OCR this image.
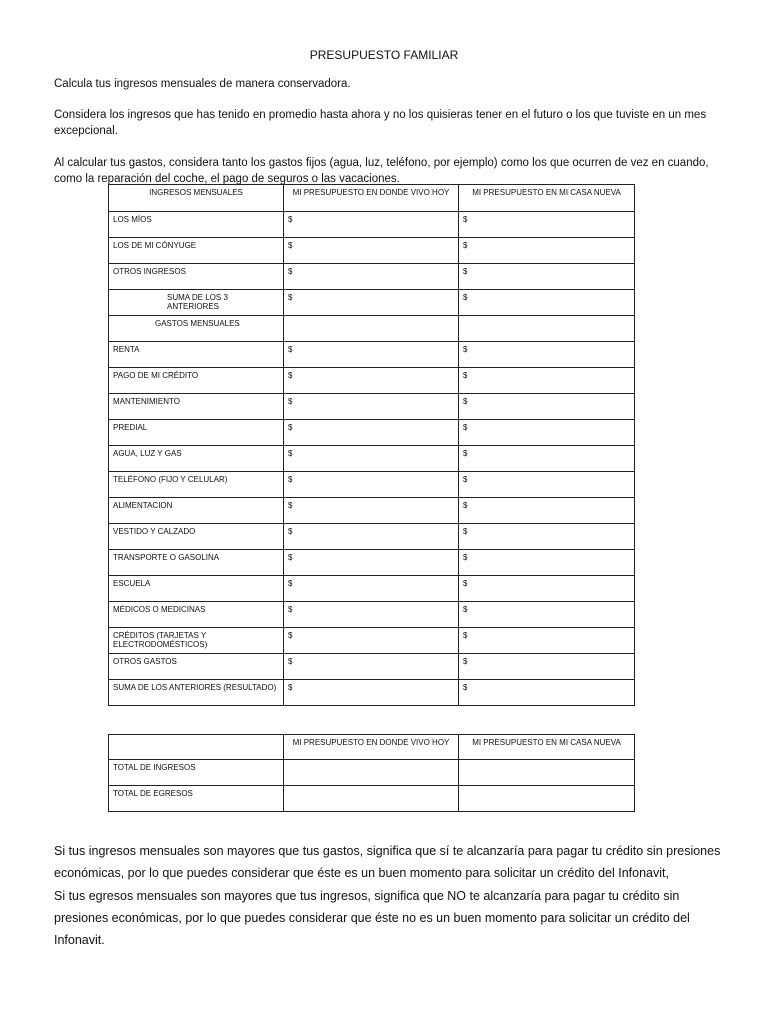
PRESUPUESTO FAMILIAR
Calcula tus ingresos mensuales de manera conservadora.
Considera los ingresos que has tenido en promedio hasta ahora y no los quisieras tener en el futuro o los que tuviste en un mes excepcional.
Al calcular tus gastos, considera tanto los gastos fijos (agua, luz, teléfono, por ejemplo) como los que ocurren de vez en cuando, como la reparación del coche, el pago de seguros o las vacaciones.
INGRESOS MENSUALES	MI PRESUPUESTO EN DONDE VIVO HOY	MI PRESUPUESTO EN MI CASA NUEVA
LOS MÍOS	$	$
LOS DE MI CÓNYUGE	$	$
OTROS INGRESOS	$	$
SUMA DE LOS 3 ANTERIORES	$	$
GASTOS MENSUALES		
RENTA	$	$
PAGO DE MI CRÉDITO	$	$
MANTENIMIENTO	$	$
PREDIAL	$	$
AGUA, LUZ Y GAS	$	$
TELÉFONO (FIJO Y CELULAR)	$	$
ALIMENTACION	$	$
VESTIDO Y CALZADO	$	$
TRANSPORTE O GASOLINA	$	$
ESCUELA	$	$
MÉDICOS O MEDICINAS	$	$
CRÉDITOS (TARJETAS Y ELECTRODOMÉSTICOS)	$	$
OTROS GASTOS	$	$
SUMA DE LOS ANTERIORES (RESULTADO)	$	$
	MI PRESUPUESTO EN DONDE VIVO HOY	MI PRESUPUESTO EN MI CASA NUEVA
TOTAL DE INGRESOS		
TOTAL DE EGRESOS		
Si tus ingresos mensuales son mayores que tus gastos, significa que sí te alcanzaría para pagar tu crédito sin presiones económicas, por lo que puedes considerar que éste es un buen momento para solicitar un crédito del Infonavit,
Si tus egresos mensuales son mayores que tus ingresos, significa que NO te alcanzaría para pagar tu crédito sin presiones económicas, por lo que puedes considerar que éste no es un buen momento para solicitar un crédito del Infonavit.
